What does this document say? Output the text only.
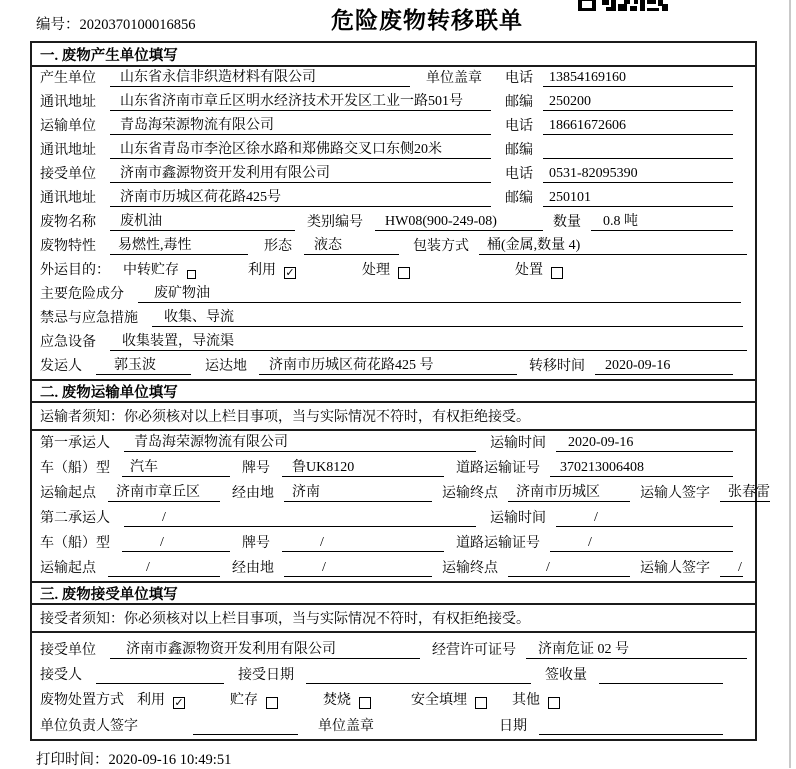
编号：2020370100016856	危险废物转移联单
一. 废物产生单位填写
产生单位	山东省永信非织造材料有限公司	单位盖章 电话	13854169160
通讯地址	山东省济南市章丘区明水经济技术开发区工业一路501号	邮编	250200
运输单位	青岛海荣源物流有限公司	电话	18661672606
通讯地址	山东省青岛市李沧区徐水路和郑佛路交叉口东侧20米	邮编
接受单位	济南市鑫源物资开发利用有限公司	电话	0531-82095390
通讯地址	济南市历城区荷花路425号	邮编	250101
废物名称	废机油	类别编号	HW08(900-249-08)	数量	0.8 吨
废物特性	易燃性,毒性	形态	液态	包装方式	桶(金属,数量 4)
外运目的： 中转贮存	利用 ✓	处理	处置
主要危险成分	废矿物油
禁忌与应急措施	收集、导流
应急设备	收集装置，导流渠
发运人	郭玉波	运达地	济南市历城区荷花路425 号	转移时间	2020-09-16
二. 废物运输单位填写
运输者须知：你必须核对以上栏目事项，当与实际情况不符时，有权拒绝接受。
第一承运人	青岛海荣源物流有限公司	运输时间	2020-09-16
车（船）型	汽车	牌号	鲁UK8120	道路运输证号	370213006408
运输起点	济南市章丘区	经由地	济南	运输终点	济南市历城区	运输人签字	张春雷
第二承运人	/	运输时间	/
车（船）型	/	牌号	/	道路运输证号	/
运输起点	/	经由地	/	运输终点	/	运输人签字	/
三. 废物接受单位填写
接受者须知：你必须核对以上栏目事项，当与实际情况不符时，有权拒绝接受。
接受单位	济南市鑫源物资开发利用有限公司	经营许可证号	济南危证 02 号
接受人	接受日期	签收量
废物处置方式 利用 ✓	贮存	焚烧	安全填埋	其他
单位负责人签字	单位盖章	日期
打印时间：2020-09-16 10:49:51
